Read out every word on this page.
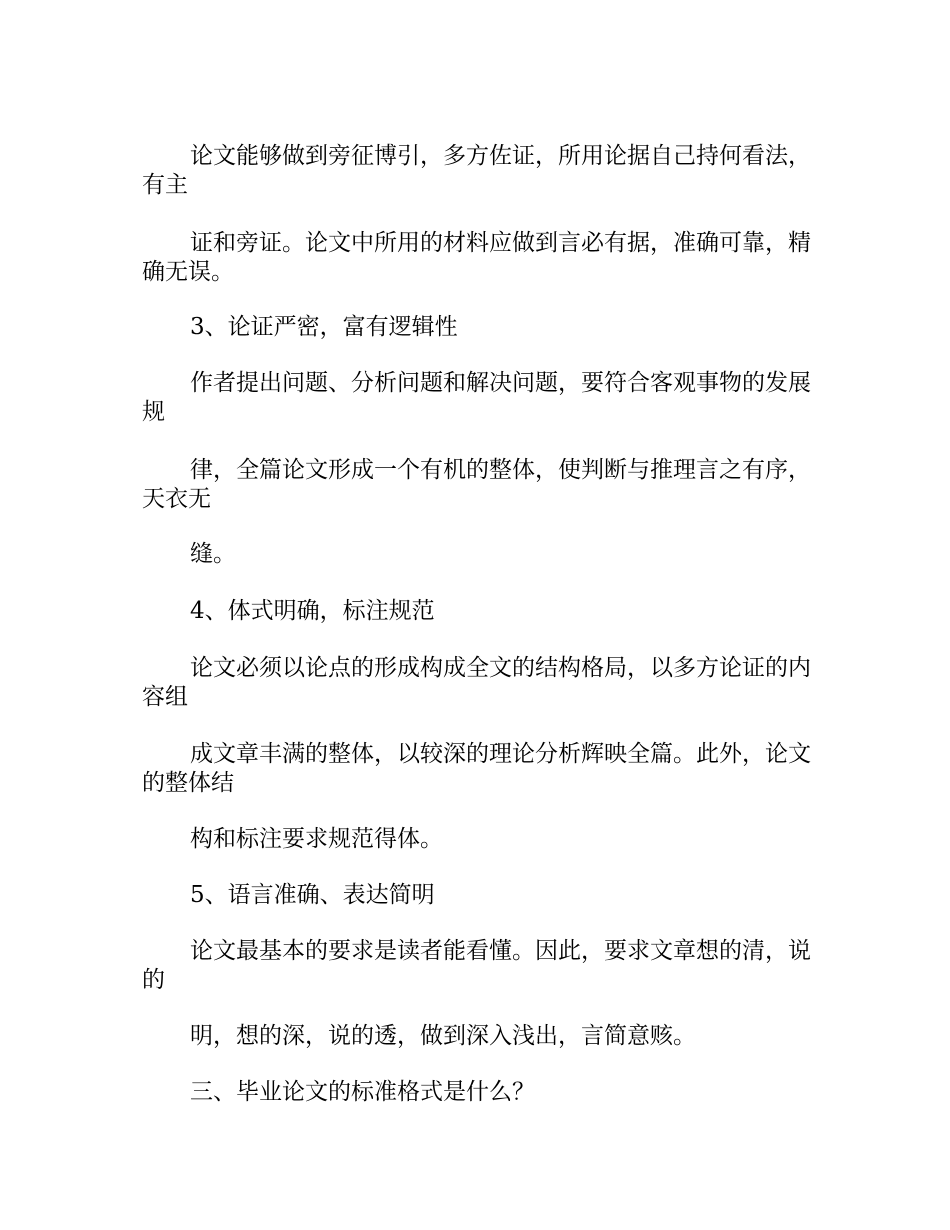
论文能够做到旁征博引，多方佐证，所用论据自己持何看法，有主

证和旁证。论文中所用的材料应做到言必有据，准确可靠，精确无误。

3、论证严密，富有逻辑性

作者提出问题、分析问题和解决问题，要符合客观事物的发展规

律，全篇论文形成一个有机的整体，使判断与推理言之有序，天衣无

缝。

4、体式明确，标注规范

论文必须以论点的形成构成全文的结构格局，以多方论证的内容组

成文章丰满的整体，以较深的理论分析辉映全篇。此外，论文的整体结

构和标注要求规范得体。

5、语言准确、表达简明

论文最基本的要求是读者能看懂。因此，要求文章想的清，说的

明，想的深，说的透，做到深入浅出，言简意赅。

三、毕业论文的标准格式是什么？
